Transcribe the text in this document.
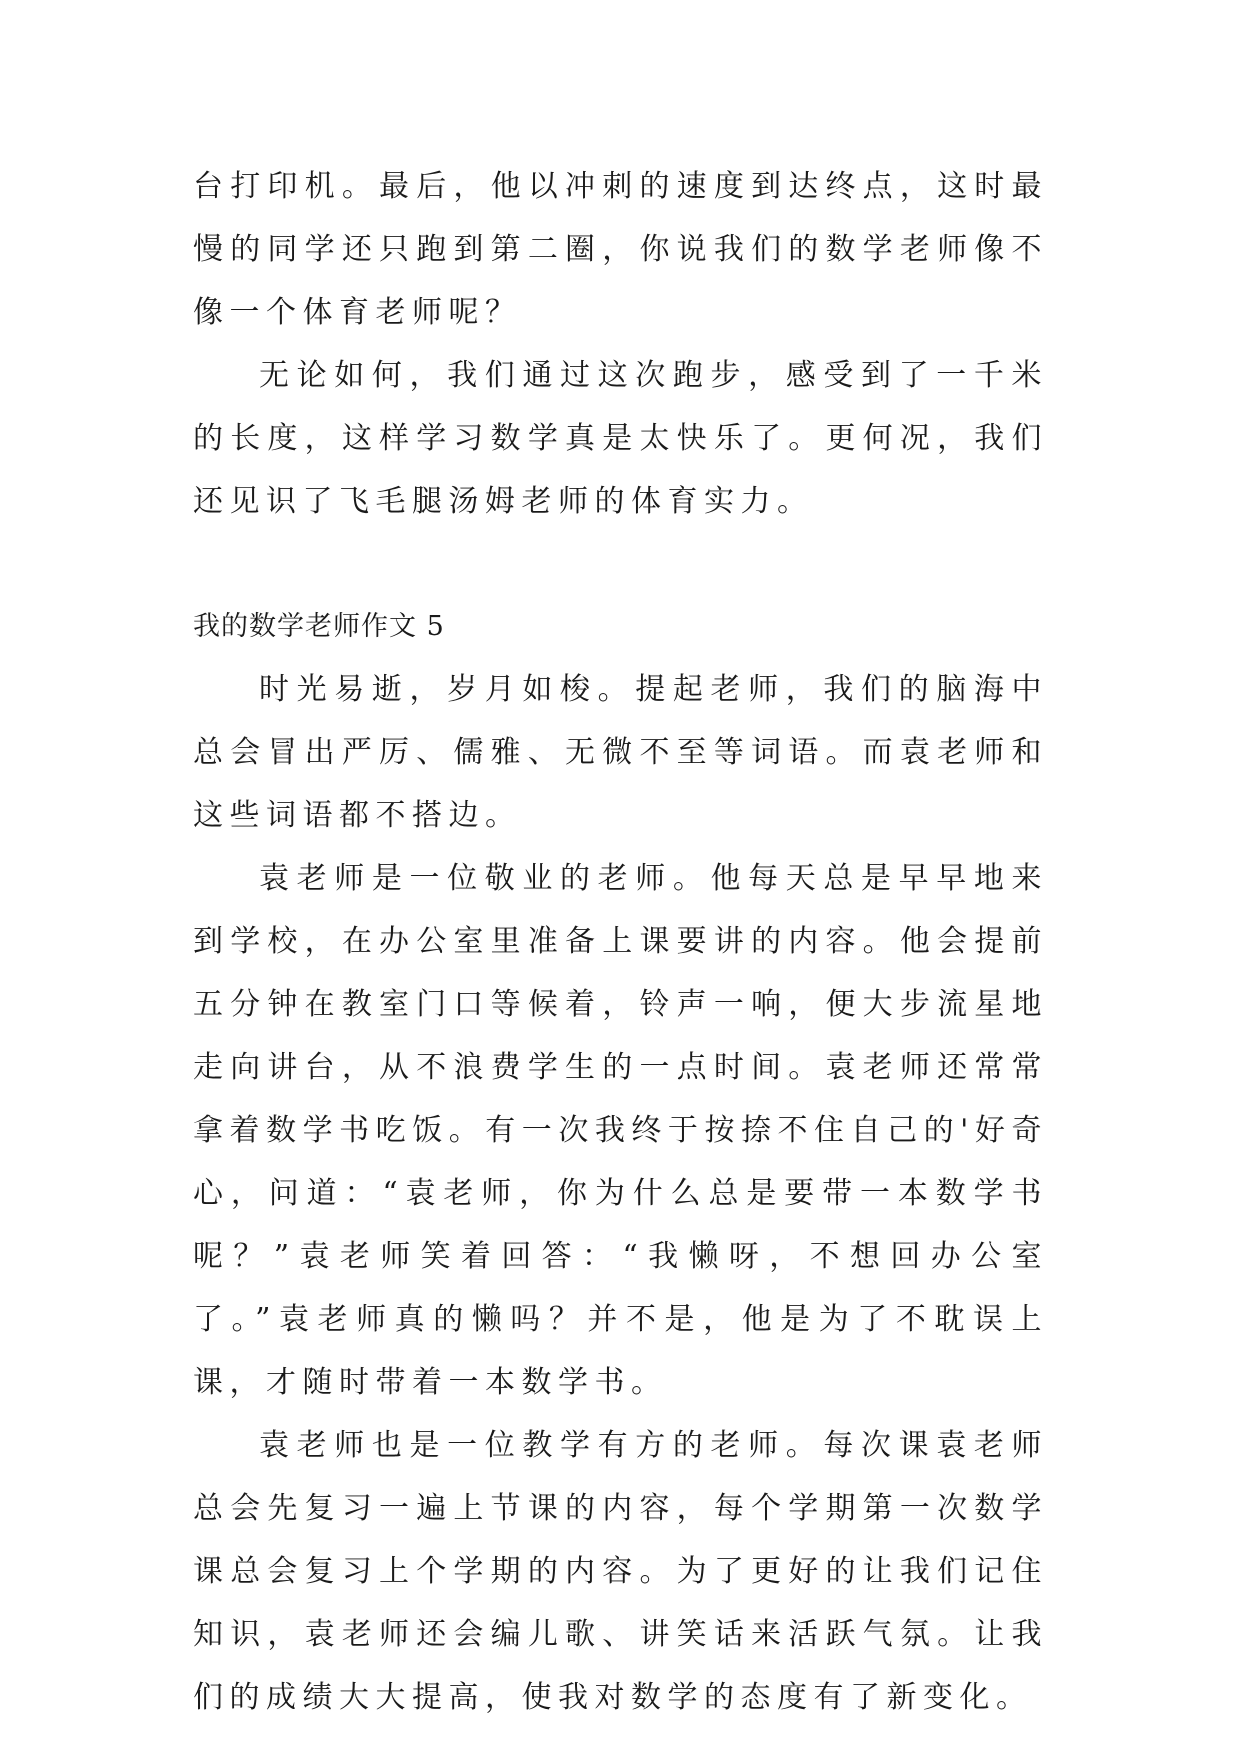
台打印机。最后，他以冲刺的速度到达终点，这时最慢的同学还只跑到第二圈，你说我们的数学老师像不像一个体育老师呢？

无论如何，我们通过这次跑步，感受到了一千米的长度，这样学习数学真是太快乐了。更何况，我们还见识了飞毛腿汤姆老师的体育实力。

我的数学老师作文 5

时光易逝，岁月如梭。提起老师，我们的脑海中总会冒出严厉、儒雅、无微不至等词语。而袁老师和这些词语都不搭边。

袁老师是一位敬业的老师。他每天总是早早地来到学校，在办公室里准备上课要讲的内容。他会提前五分钟在教室门口等候着，铃声一响，便大步流星地走向讲台，从不浪费学生的一点时间。袁老师还常常拿着数学书吃饭。有一次我终于按捺不住自己的'好奇心，问道：“袁老师，你为什么总是要带一本数学书呢？”袁老师笑着回答：“我懒呀，不想回办公室了。”袁老师真的懒吗？并不是，他是为了不耽误上课，才随时带着一本数学书。

袁老师也是一位教学有方的老师。每次课袁老师总会先复习一遍上节课的内容，每个学期第一次数学课总会复习上个学期的内容。为了更好的让我们记住知识，袁老师还会编儿歌、讲笑话来活跃气氛。让我们的成绩大大提高，使我对数学的态度有了新变化。
